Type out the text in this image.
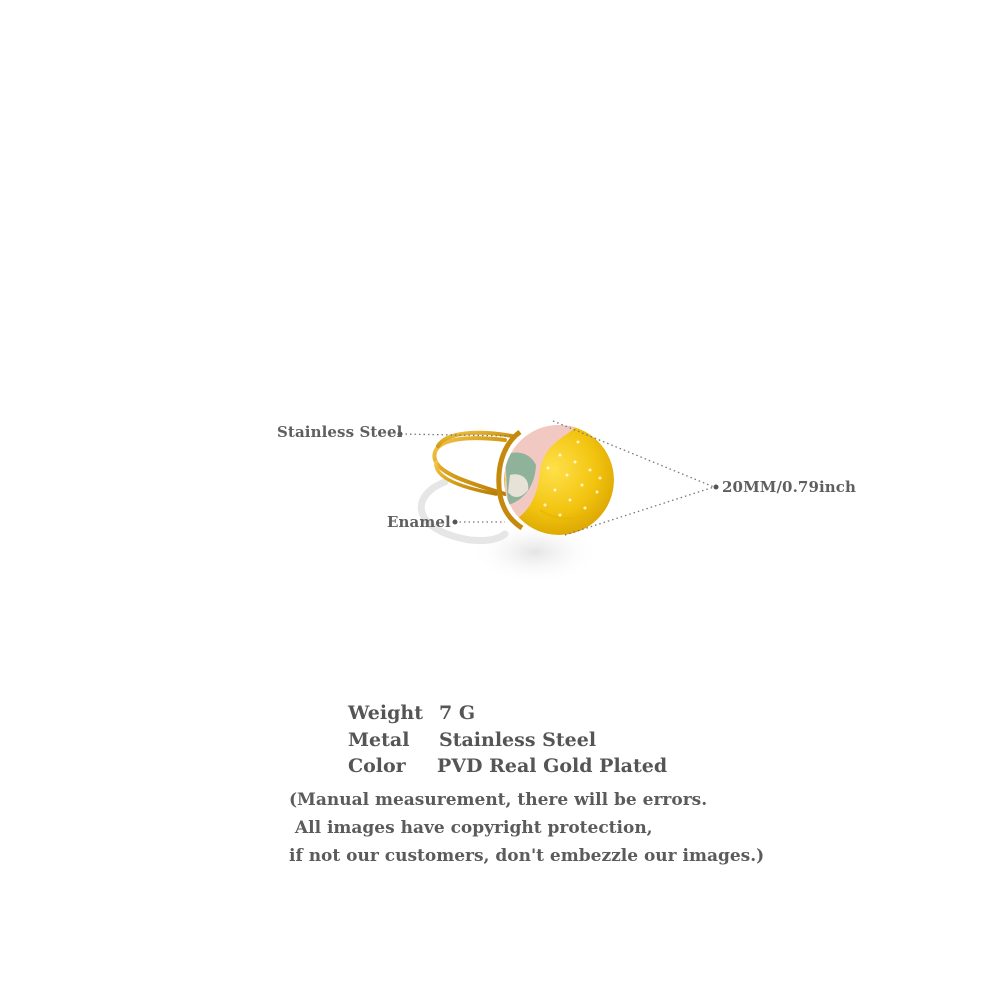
Stainless Steel
Enamel
20MM/0.79inch
Weight 7 G
Metal Stainless Steel
Color PVD Real Gold Plated
(Manual measurement, there will be errors.
All images have copyright protection,
if not our customers, don't embezzle our images.)
